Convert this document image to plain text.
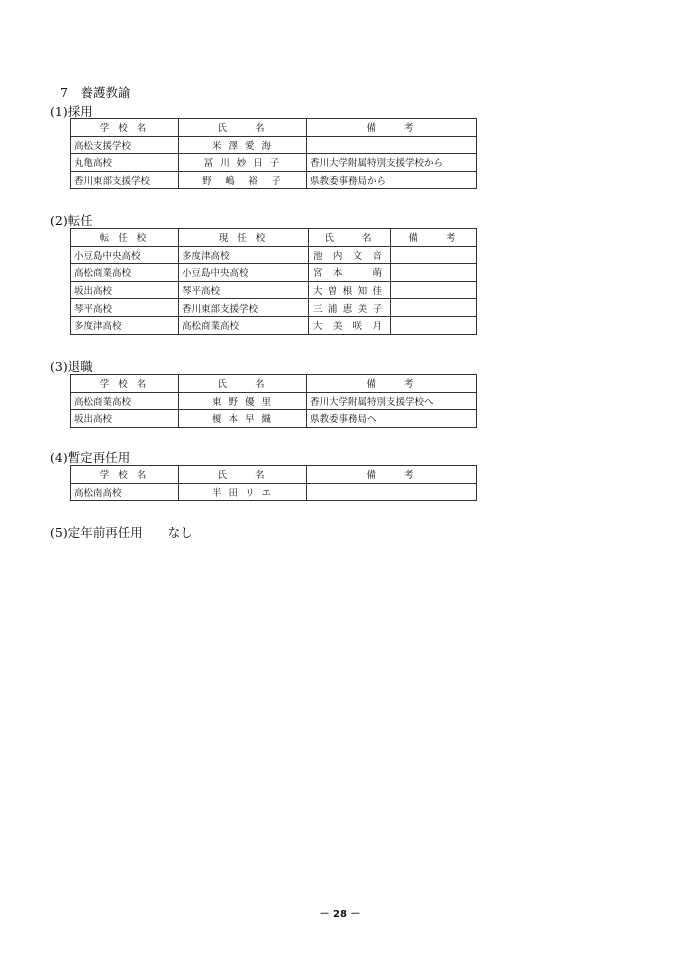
7　養護教諭
(1)採用
学 校 名	氏　　名	備　　考
高松支援学校	米 澤 愛 海	
丸亀高校	冨 川 妙 日 子	香川大学附属特別支援学校から
香川東部支援学校	野　嶋　裕　子	県教委事務局から
(2)転任
転 任 校	現 任 校	氏　　名	備　　考
小豆島中央高校	多度津高校	池 内 文 音	
高松商業高校	小豆島中央高校	宮 本 　 萌	
坂出高校	琴平高校	大 曽 根 知 佳	
琴平高校	香川東部支援学校	三 浦 恵 美 子	
多度津高校	高松商業高校	大 美 咲 月	
(3)退職
学 校 名	氏　　名	備　　考
高松商業高校	東 野 優 里	香川大学附属特別支援学校へ
坂出高校	榎 本 早 織	県教委事務局へ
(4)暫定再任用
学 校 名	氏　　名	備　　考
高松南高校	半 田 リ エ	
(5)定年前再任用　　なし
－ 28 －
